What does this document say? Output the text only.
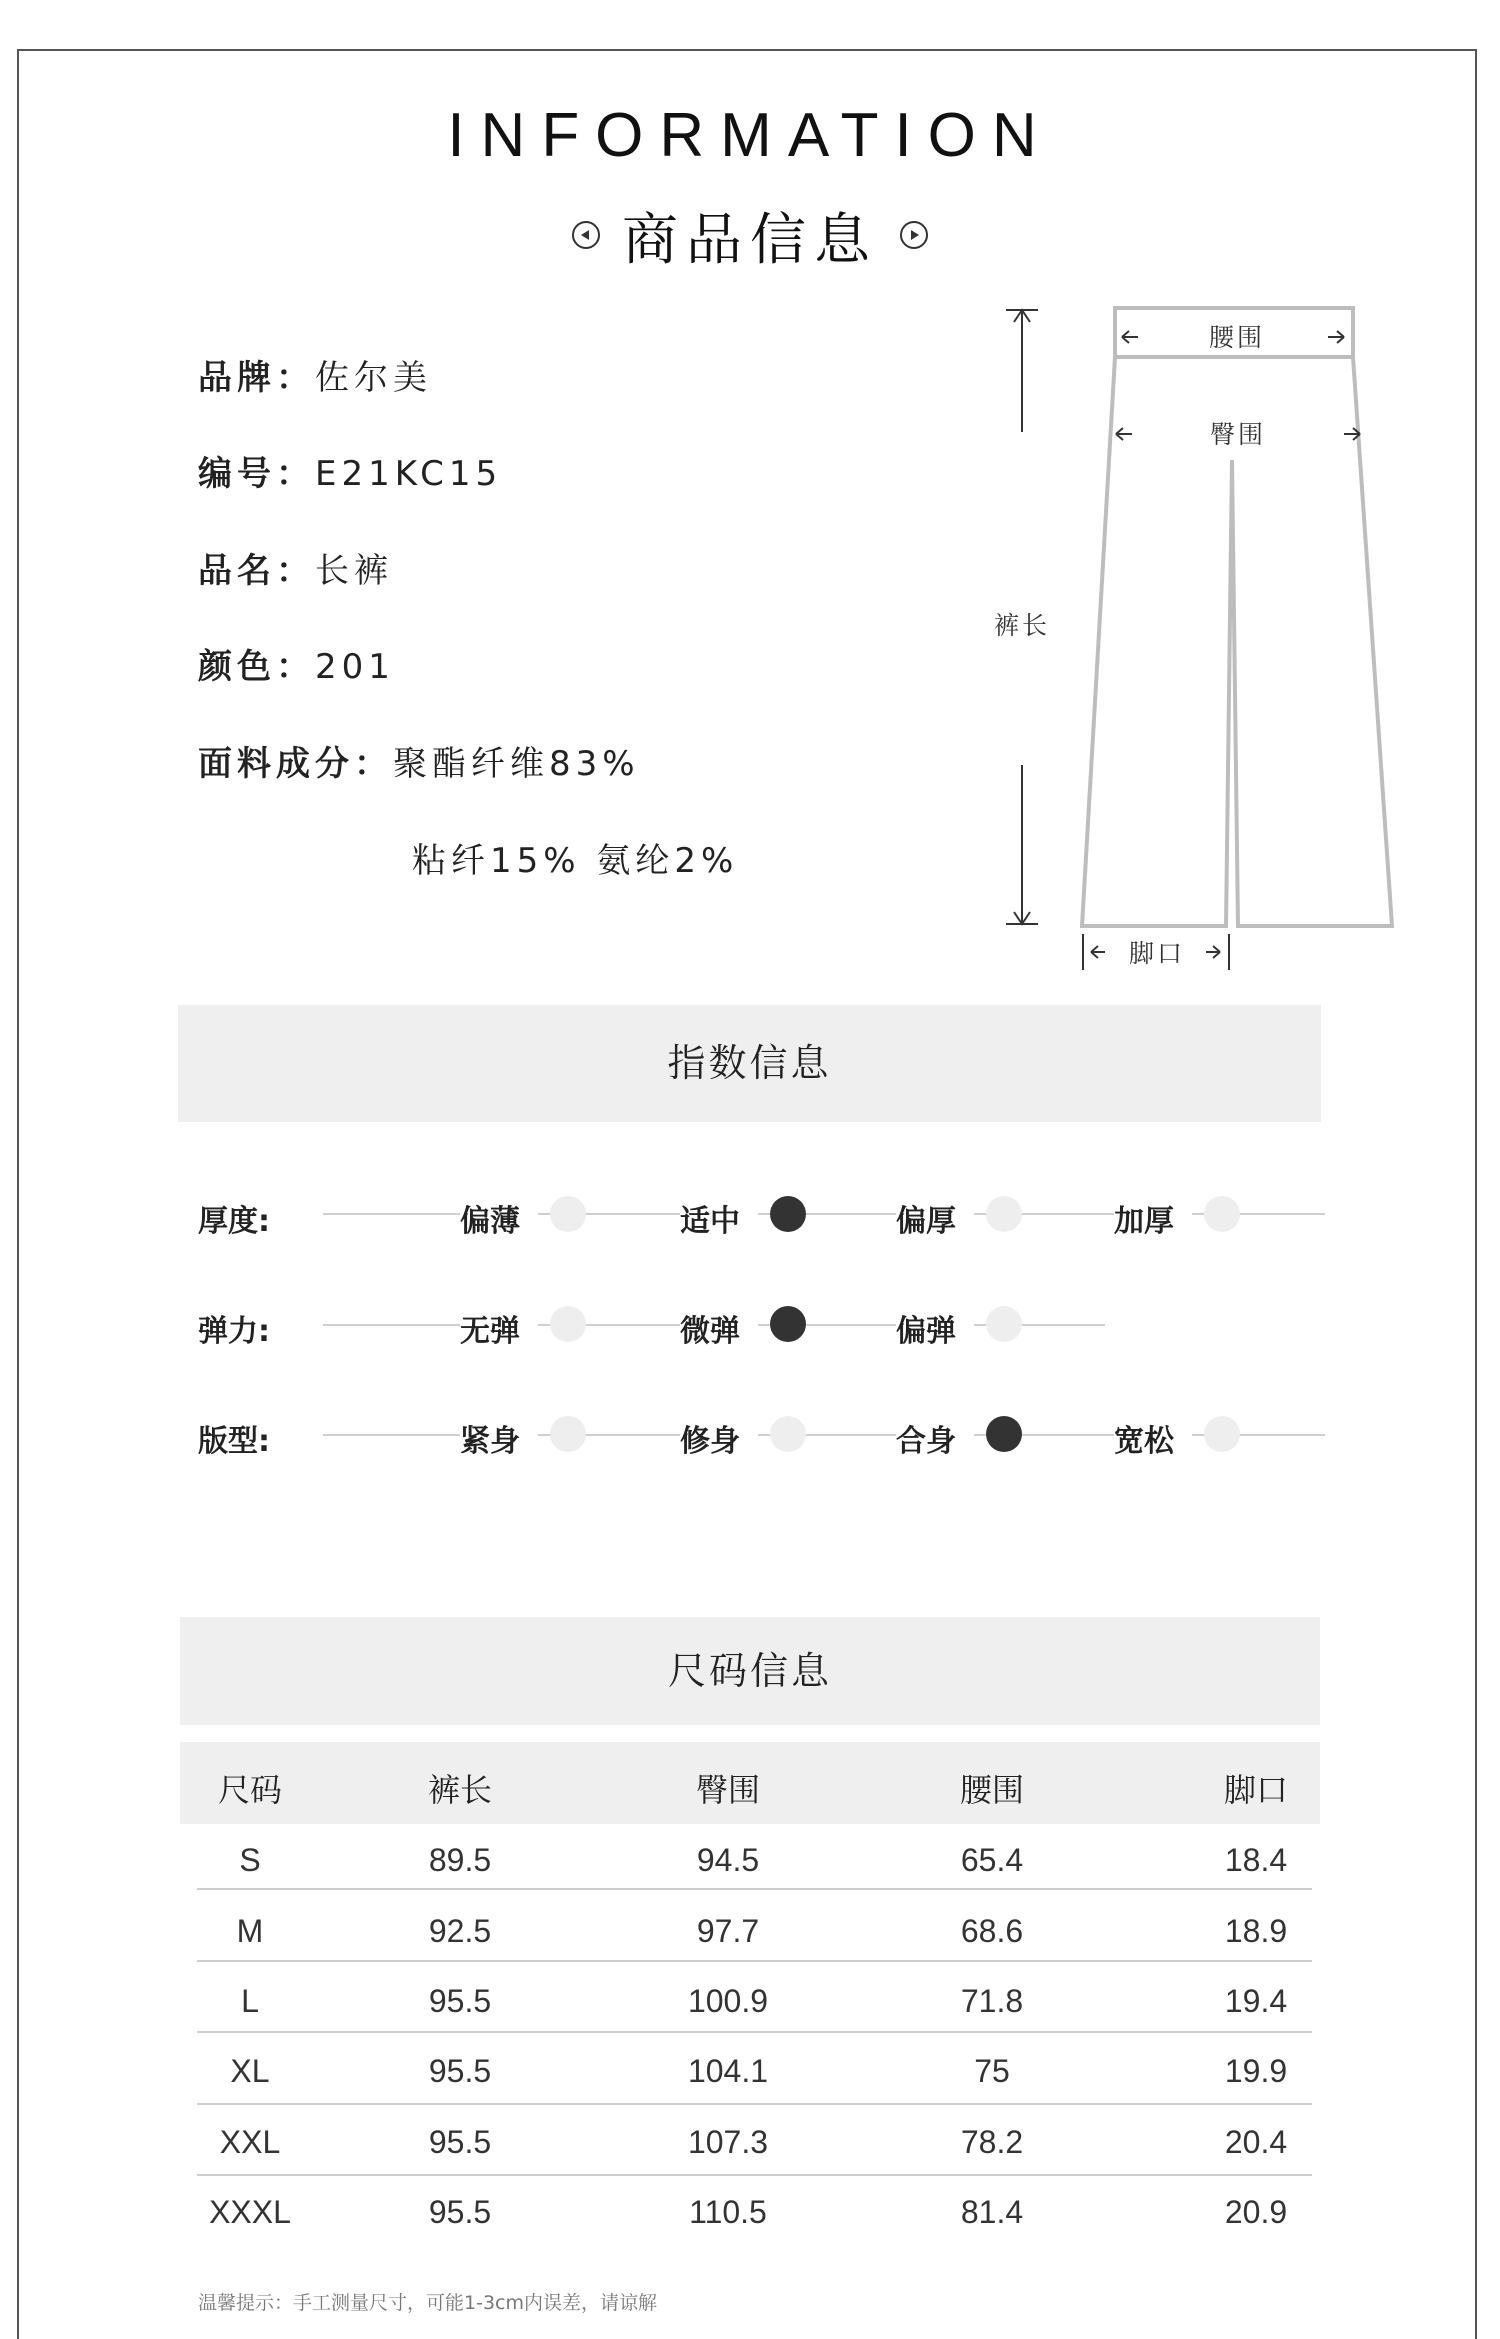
INFORMATION
商品信息
品牌：佐尔美
编号：E21KC15
品名：长裤
颜色：201
面料成分：聚酯纤维83%
粘纤15% 氨纶2%
腰围
臀围
裤长
脚口
指数信息
厚度:
弹力:
版型:
偏薄	适中	偏厚	加厚
无弹	微弹	偏弹
紧身	修身	合身	宽松
尺码信息
尺码	裤长	臀围	腰围	脚口
S	89.5	94.5	65.4	18.4
M	92.5	97.7	68.6	18.9
L	95.5	100.9	71.8	19.4
XL	95.5	104.1	75	19.9
XXL	95.5	107.3	78.2	20.4
XXXL	95.5	110.5	81.4	20.9
温馨提示：手工测量尺寸，可能1-3cm内误差，请谅解
